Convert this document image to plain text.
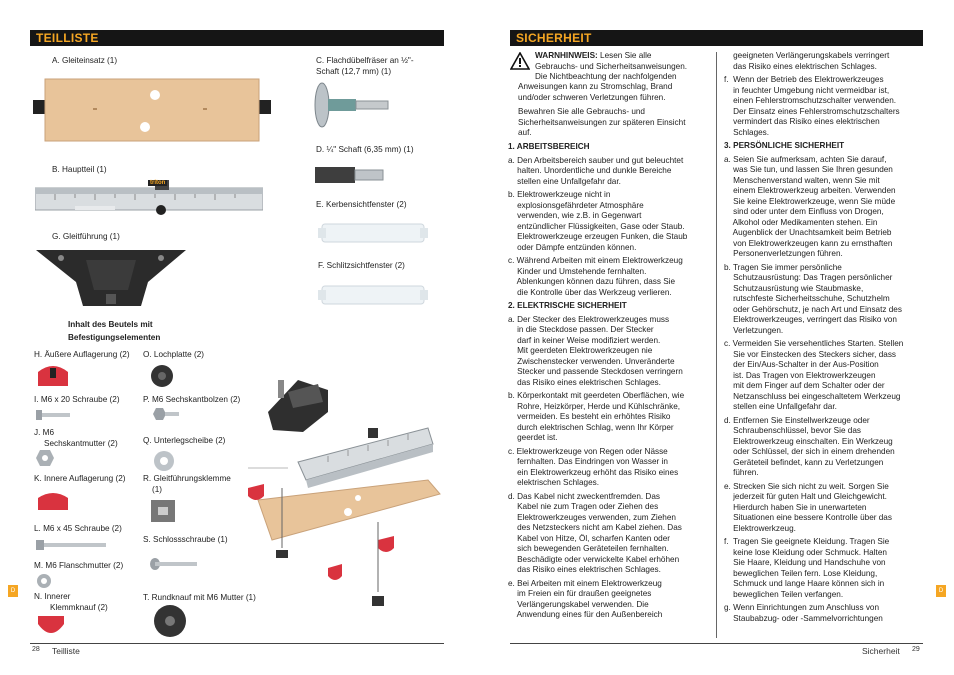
TEILLISTE
A. Gleiteinsatz (1)
B. Hauptteil (1)
triton
G. Gleitführung (1)
C. Flachdübelfräser an ½"-Schaft (12,7 mm) (1)
D. ¼" Schaft (6,35 mm) (1)
E. Kerbensichtfenster (2)
F. Schlitzsichtfenster (2)
Inhalt des Beutels mit
Befestigungselementen
H. Äußere Auflagerung (2)
I. M6 x 20 Schraube (2)
J. M6
Sechskantmutter (2)
K. Innere Auflagerung (2)
L. M6 x 45 Schraube (2)
M. M6 Flanschmutter (2)
N. Innerer
Klemmknauf (2)
O. Lochplatte (2)
P. M6 Sechskantbolzen (2)
Q. Unterlegscheibe (2)
R. Gleitführungsklemme
(1)
S. Schlossschraube (1)
T. Rundknauf mit M6 Mutter (1)
D
28 Teilliste
SICHERHEIT
WARNHINWEIS: Lesen Sie alle
Gebrauchs- und Sicherheitsanweisungen.
Die Nichtbeachtung der nachfolgenden
Anweisungen kann zu Stromschlag, Brand
und/oder schweren Verletzungen führen.
Bewahren Sie alle Gebrauchs- und
Sicherheitsanweisungen zur späteren Einsicht
auf.
1. ARBEITSBEREICH
a. Den Arbeitsbereich sauber und gut beleuchtet
halten. Unordentliche und dunkle Bereiche
stellen eine Unfallgefahr dar.
b. Elektrowerkzeuge nicht in
explosionsgefährdeter Atmosphäre
verwenden, wie z.B. in Gegenwart
entzündlicher Flüssigkeiten, Gase oder Staub.
Elektrowerkzeuge erzeugen Funken, die Staub
oder Dämpfe entzünden können.
c. Während Arbeiten mit einem Elektrowerkzeug
Kinder und Umstehende fernhalten.
Ablenkungen können dazu führen, dass Sie
die Kontrolle über das Werkzeug verlieren.
2. ELEKTRISCHE SICHERHEIT
a. Der Stecker des Elektrowerkzeuges muss
in die Steckdose passen. Der Stecker
darf in keiner Weise modifiziert werden.
Mit geerdeten Elektrowerkzeugen nie
Zwischenstecker verwenden. Unveränderte
Stecker und passende Steckdosen verringern
das Risiko eines elektrischen Schlages.
b. Körperkontakt mit geerdeten Oberflächen, wie
Rohre, Heizkörper, Herde und Kühlschränke,
vermeiden. Es besteht ein erhöhtes Risiko
durch elektrischen Schlag, wenn Ihr Körper
geerdet ist.
c. Elektrowerkzeuge von Regen oder Nässe
fernhalten. Das Eindringen von Wasser in
ein Elektrowerkzeug erhöht das Risiko eines
elektrischen Schlages.
d. Das Kabel nicht zweckentfremden. Das
Kabel nie zum Tragen oder Ziehen des
Elektrowerkzeuges verwenden, zum Ziehen
des Netzsteckers nicht am Kabel ziehen. Das
Kabel von Hitze, Öl, scharfen Kanten oder
sich bewegenden Geräteteilen fernhalten.
Beschädigte oder verwickelte Kabel erhöhen
das Risiko eines elektrischen Schlages.
e. Bei Arbeiten mit einem Elektrowerkzeug
im Freien ein für draußen geeignetes
Verlängerungskabel verwenden. Die
Anwendung eines für den Außenbereich
geeigneten Verlängerungskabels verringert
das Risiko eines elektrischen Schlages.
f.  Wenn der Betrieb des Elektrowerkzeuges
in feuchter Umgebung nicht vermeidbar ist,
einen Fehlerstromschutzschalter verwenden.
Der Einsatz eines Fehlerstromschutzschalters
vermindert das Risiko eines elektrischen
Schlages.
3. PERSÖNLICHE SICHERHEIT
a. Seien Sie aufmerksam, achten Sie darauf,
was Sie tun, und lassen Sie Ihren gesunden
Menschenverstand walten, wenn Sie mit
einem Elektrowerkzeug arbeiten. Verwenden
Sie keine Elektrowerkzeuge, wenn Sie müde
sind oder unter dem Einfluss von Drogen,
Alkohol oder Medikamenten stehen. Ein
Augenblick der Unachtsamkeit beim Betrieb
von Elektrowerkzeugen kann zu ernsthaften
Personenverletzungen führen.
b. Tragen Sie immer persönliche
Schutzausrüstung: Das Tragen persönlicher
Schutzausrüstung wie Staubmaske,
rutschfeste Sicherheitsschuhe, Schutzhelm
oder Gehörschutz, je nach Art und Einsatz des
Elektrowerkzeuges, verringert das Risiko von
Verletzungen.
c. Vermeiden Sie versehentliches Starten. Stellen
Sie vor Einstecken des Steckers sicher, dass
der Ein/Aus-Schalter in der Aus-Position
ist. Das Tragen von Elektrowerkzeugen
mit dem Finger auf dem Schalter oder der
Netzanschluss bei eingeschaltetem Werkzeug
stellen eine Unfallgefahr dar.
d. Entfernen Sie Einstellwerkzeuge oder
Schraubenschlüssel, bevor Sie das
Elektrowerkzeug einschalten. Ein Werkzeug
oder Schlüssel, der sich in einem drehenden
Geräteteil befindet, kann zu Verletzungen
führen.
e. Strecken Sie sich nicht zu weit. Sorgen Sie
jederzeit für guten Halt und Gleichgewicht.
Hierdurch haben Sie in unerwarteten
Situationen eine bessere Kontrolle über das
Elektrowerkzeug.
f.  Tragen Sie geeignete Kleidung. Tragen Sie
keine lose Kleidung oder Schmuck. Halten
Sie Haare, Kleidung und Handschuhe von
beweglichen Teilen fern. Lose Kleidung,
Schmuck und lange Haare können sich in
beweglichen Teilen verfangen.
g. Wenn Einrichtungen zum Anschluss von
Staubabzug- oder -Sammelvorrichtungen
D
Sicherheit 29
